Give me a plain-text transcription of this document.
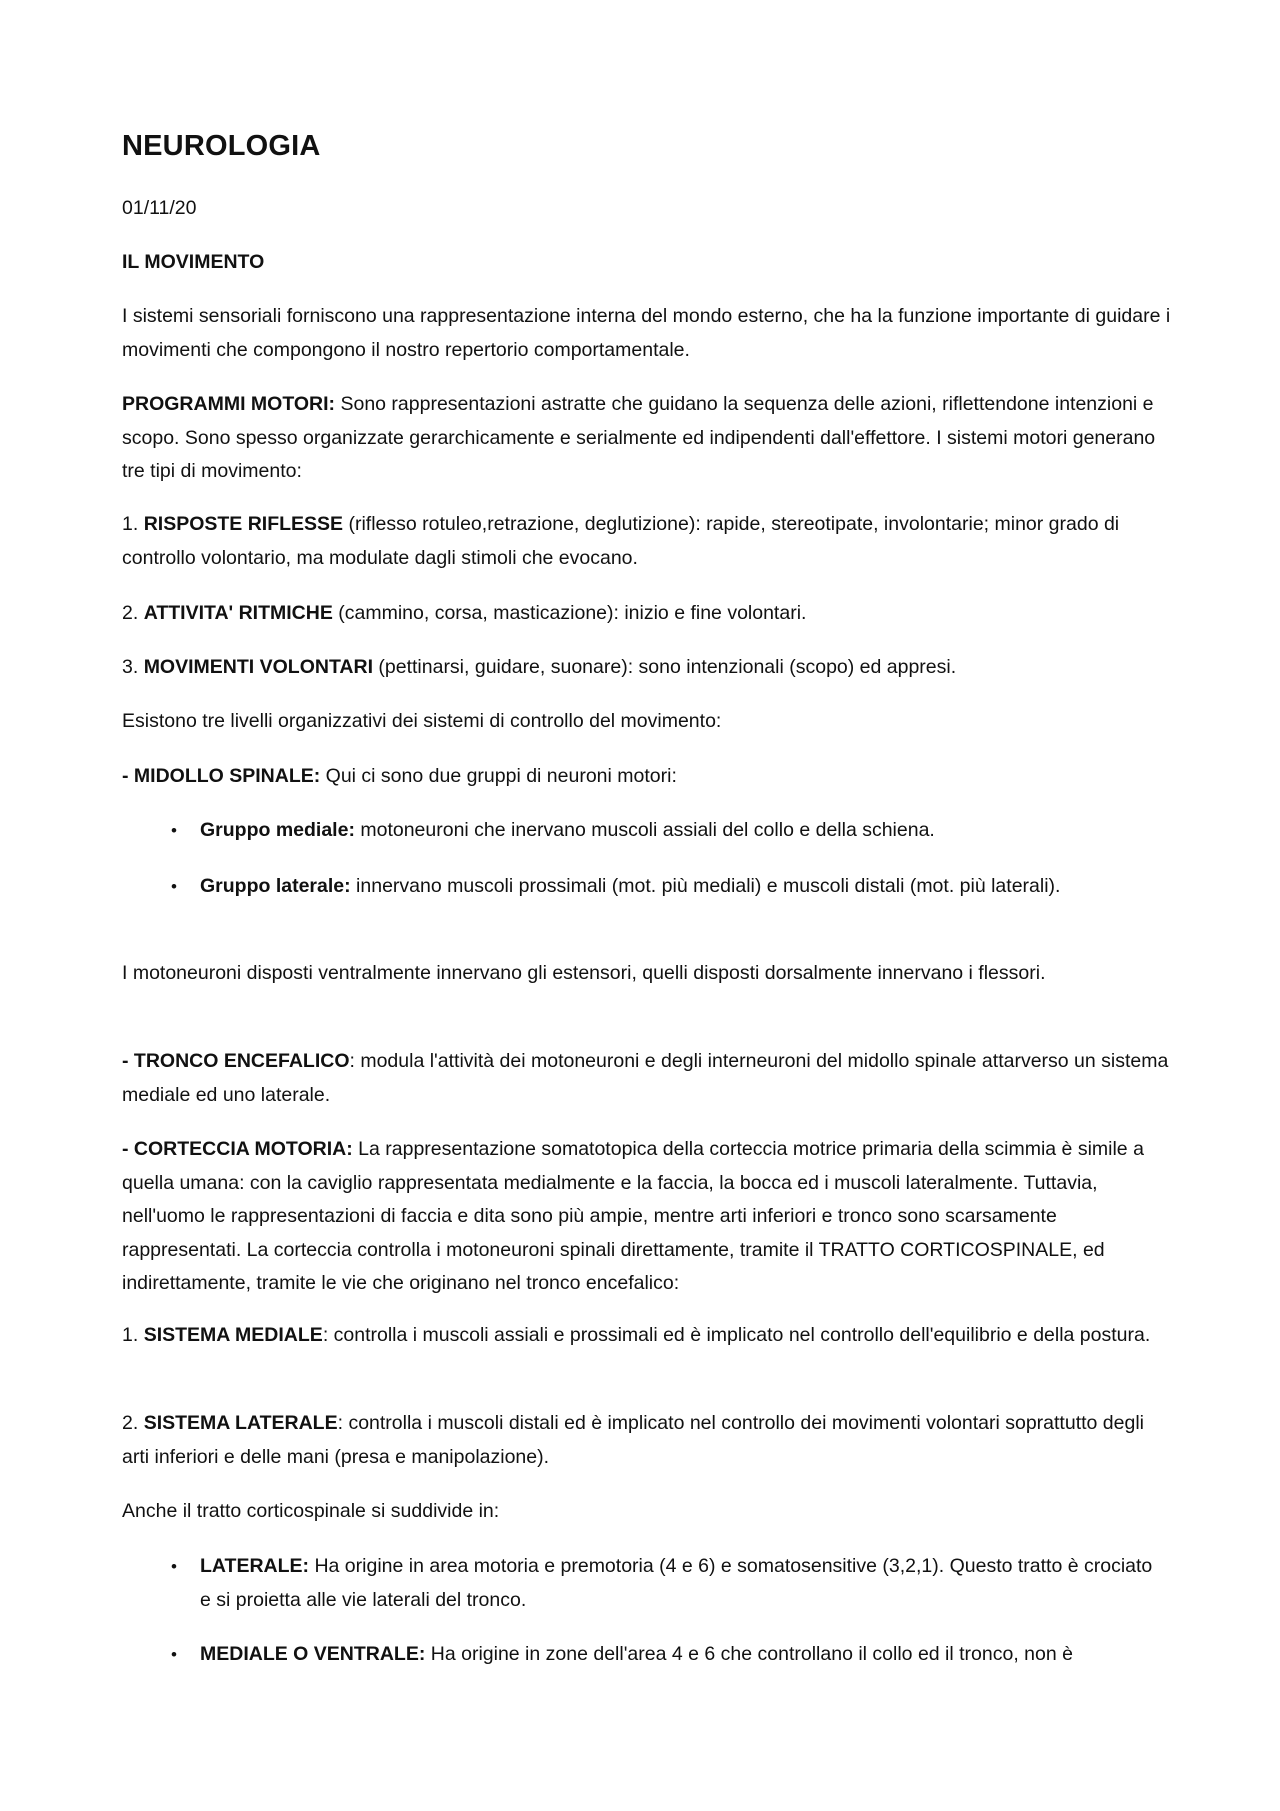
NEUROLOGIA

01/11/20

IL MOVIMENTO

I sistemi sensoriali forniscono una rappresentazione interna del mondo esterno, che ha la funzione importante di guidare i movimenti che compongono il nostro repertorio comportamentale.

PROGRAMMI MOTORI: Sono rappresentazioni astratte che guidano la sequenza delle azioni, riflettendone intenzioni e scopo. Sono spesso organizzate gerarchicamente e serialmente ed indipendenti dall'effettore. I sistemi motori generano tre tipi di movimento:

1. RISPOSTE RIFLESSE (riflesso rotuleo,retrazione, deglutizione): rapide, stereotipate, involontarie; minor grado di controllo volontario, ma modulate dagli stimoli che evocano.

2. ATTIVITA' RITMICHE (cammino, corsa, masticazione): inizio e fine volontari.

3. MOVIMENTI VOLONTARI (pettinarsi, guidare, suonare): sono intenzionali (scopo) ed appresi.

Esistono tre livelli organizzativi dei sistemi di controllo del movimento:

- MIDOLLO SPINALE: Qui ci sono due gruppi di neuroni motori:

•	Gruppo mediale: motoneuroni che inervano muscoli assiali del collo e della schiena.
•	Gruppo laterale: innervano muscoli prossimali (mot. più mediali) e muscoli distali (mot. più laterali).

I motoneuroni disposti ventralmente innervano gli estensori, quelli disposti dorsalmente innervano i flessori.

- TRONCO ENCEFALICO: modula l'attività dei motoneuroni e degli interneuroni del midollo spinale attarverso un sistema mediale ed uno laterale.

- CORTECCIA MOTORIA: La rappresentazione somatotopica della corteccia motrice primaria della scimmia è simile a quella umana: con la caviglio rappresentata medialmente e la faccia, la bocca ed i muscoli lateralmente. Tuttavia, nell'uomo le rappresentazioni di faccia e dita sono più ampie, mentre arti inferiori e tronco sono scarsamente rappresentati. La corteccia controlla i motoneuroni spinali direttamente, tramite il TRATTO CORTICOSPINALE, ed indirettamente, tramite le vie che originano nel tronco encefalico:

1. SISTEMA MEDIALE: controlla i muscoli assiali e prossimali ed è implicato nel controllo dell'equilibrio e della postura.

2. SISTEMA LATERALE: controlla i muscoli distali ed è implicato nel controllo dei movimenti volontari soprattutto degli arti inferiori e delle mani (presa e manipolazione).

Anche il tratto corticospinale si suddivide in:

•	LATERALE: Ha origine in area motoria e premotoria (4 e 6) e somatosensitive (3,2,1). Questo tratto è crociato e si proietta alle vie laterali del tronco.
•	MEDIALE O VENTRALE: Ha origine in zone dell'area 4 e 6 che controllano il collo ed il tronco, non è
